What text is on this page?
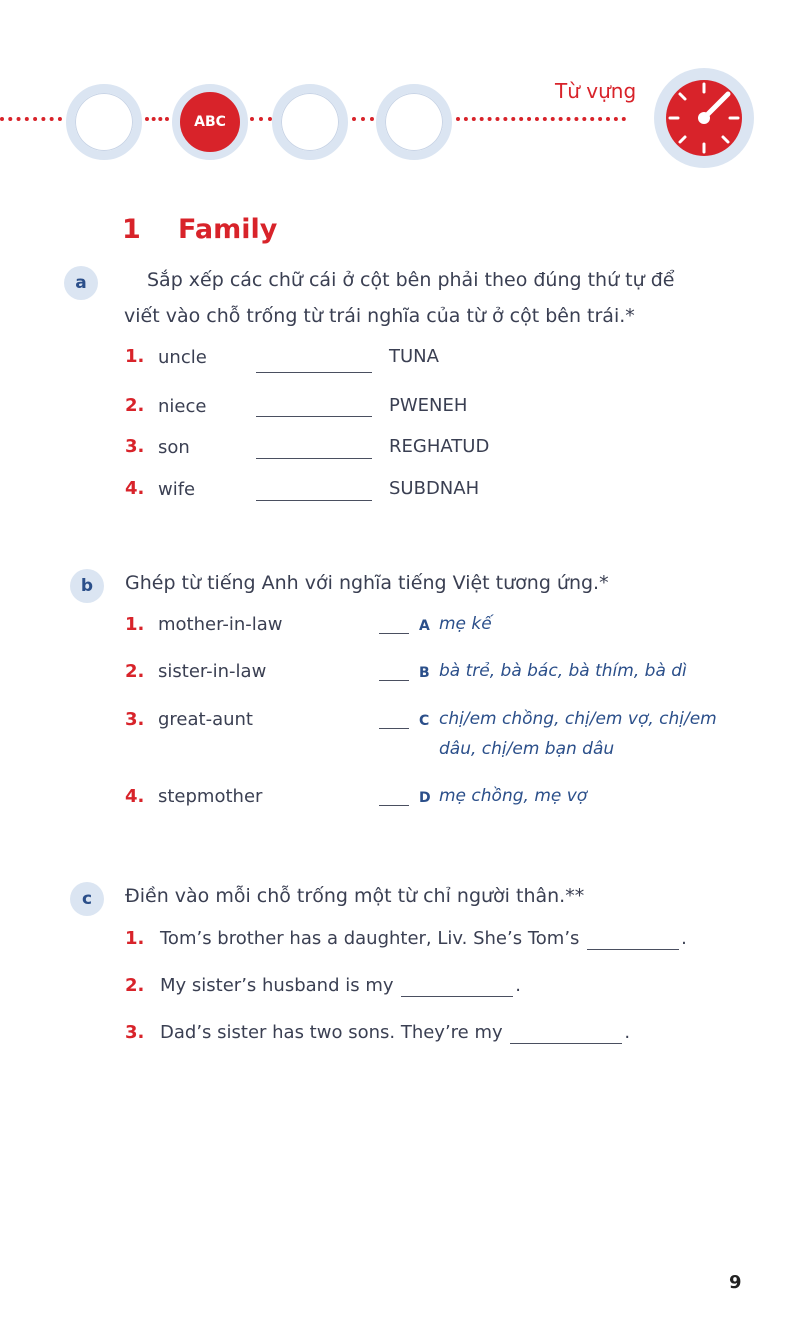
ABC
Từ vựng
1 Family
a	Sắp xếp các chữ cái ở cột bên phải theo đúng thứ tự để
viết vào chỗ trống từ trái nghĩa của từ ở cột bên trái.*
1. uncle	TUNA
2. niece	PWENEH
3. son	REGHATUD
4. wife	SUBDNAH
b	Ghép từ tiếng Anh với nghĩa tiếng Việt tương ứng.*
1. mother-in-law	A mẹ kế
2. sister-in-law	B bà trẻ, bà bác, bà thím, bà dì
3. great-aunt	C chị/em chồng, chị/em vợ, chị/em dâu, chị/em bạn dâu
4. stepmother	D mẹ chồng, mẹ vợ
c	Điền vào mỗi chỗ trống một từ chỉ người thân.**
1. Tom’s brother has a daughter, Liv. She’s Tom’s	.
2. My sister’s husband is my	.
3. Dad’s sister has two sons. They’re my	.
9
